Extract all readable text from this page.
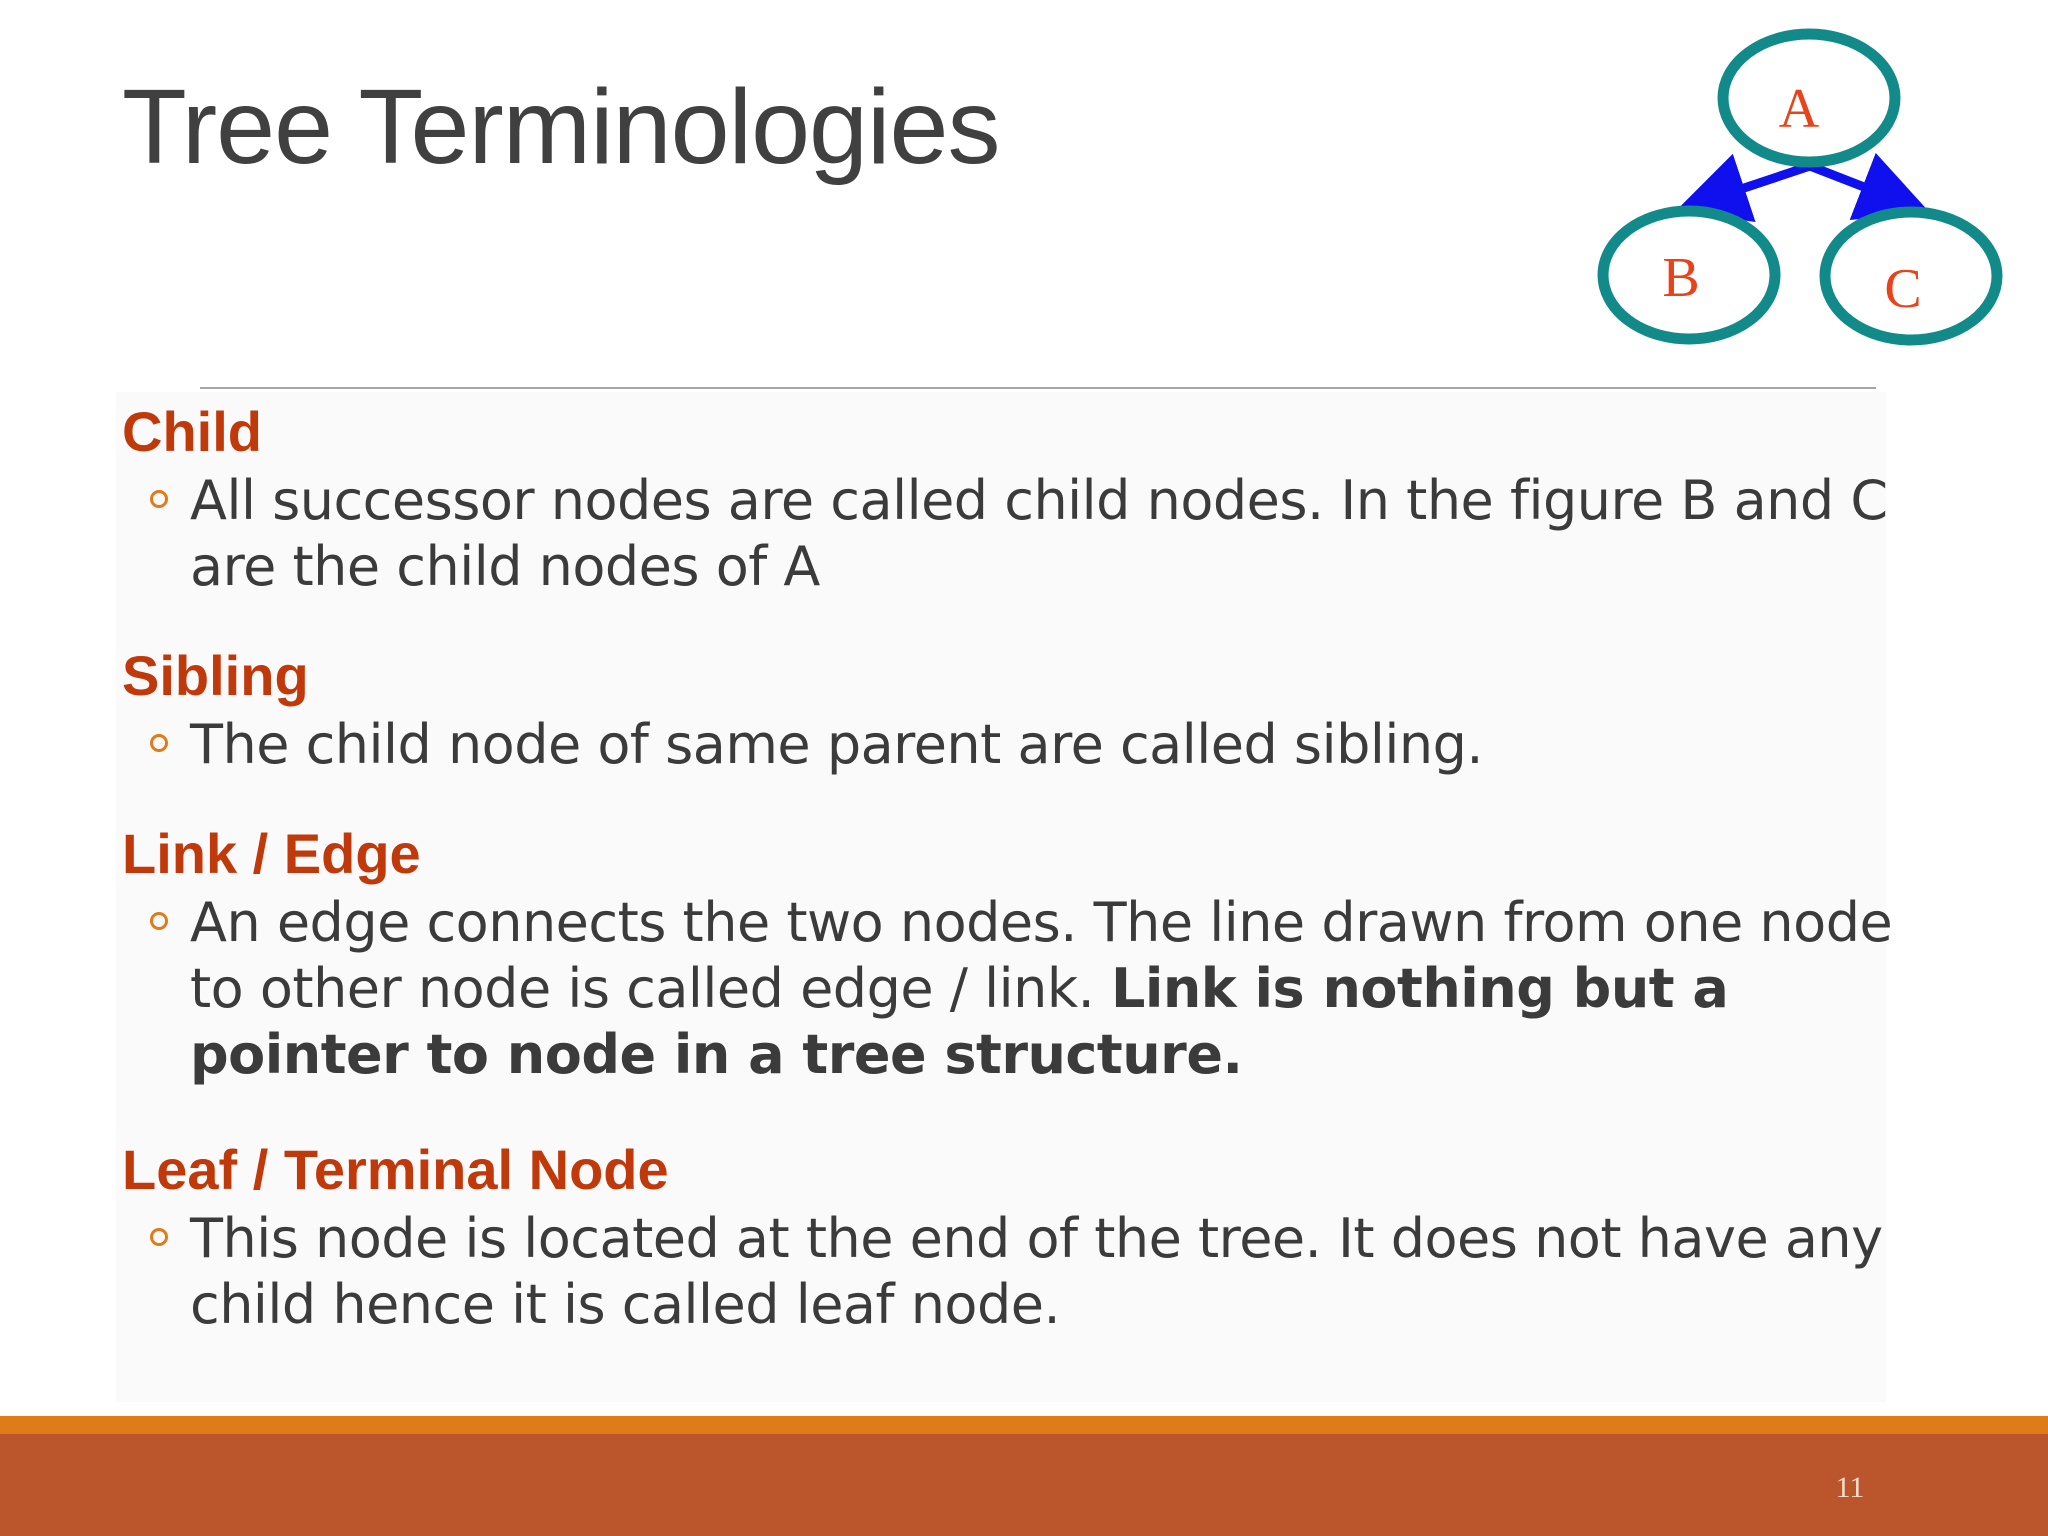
Tree Terminologies	A
B	C
Child

All successor nodes are called child nodes. In the figure B and C are the child nodes of A

Sibling

The child node of same parent are called sibling.

Link / Edge

An edge connects the two nodes. The line drawn from one node to other node is called edge / link. Link is nothing but a pointer to node in a tree structure.

Leaf / Terminal Node

This node is located at the end of the tree. It does not have any child hence it is called leaf node.

11
